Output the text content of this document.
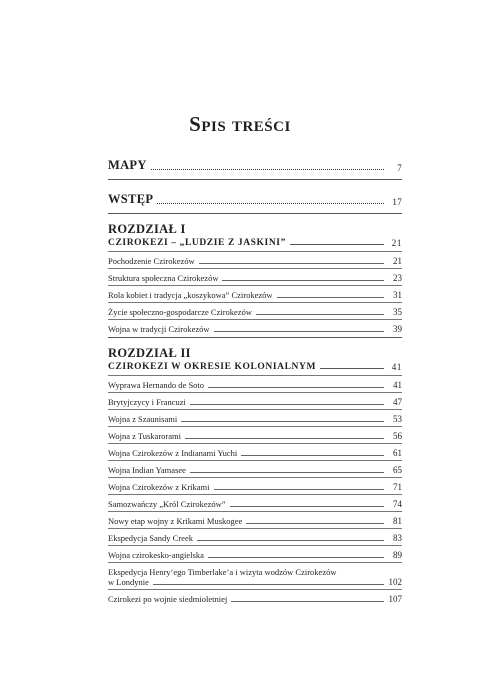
Spis treści
MAPY	7
WSTĘP	17
ROZDZIAŁ I
CZIROKEZI – „LUDZIE Z JASKINI”	21
Pochodzenie Czirokezów	21
Struktura społeczna Czirokezów	23
Rola kobiet i tradycja „koszykowa” Czirokezów	31
Życie społeczno-gospodarcze Czirokezów	35
Wojna w tradycji Czirokezów	39
ROZDZIAŁ II
CZIROKEZI W OKRESIE KOLONIALNYM	41
Wyprawa Hernando de Soto	41
Brytyjczycy i Francuzi	47
Wojna z Szaunisami	53
Wojna z Tuskarorami	56
Wojna Czirokezów z Indianami Yuchi	61
Wojna Indian Yamasee	65
Wojna Czirokezów z Krikami	71
Samozwańczy „Król Czirokezów”	74
Nowy etap wojny z Krikami Muskogee	81
Ekspedycja Sandy Creek	83
Wojna czirokesko-angielska	89
Ekspedycja Henry’ego Timberlake’a i wizyta wodzów Czirokezów
w Londynie	102
Czirokezi po wojnie siedmioletniej	107
